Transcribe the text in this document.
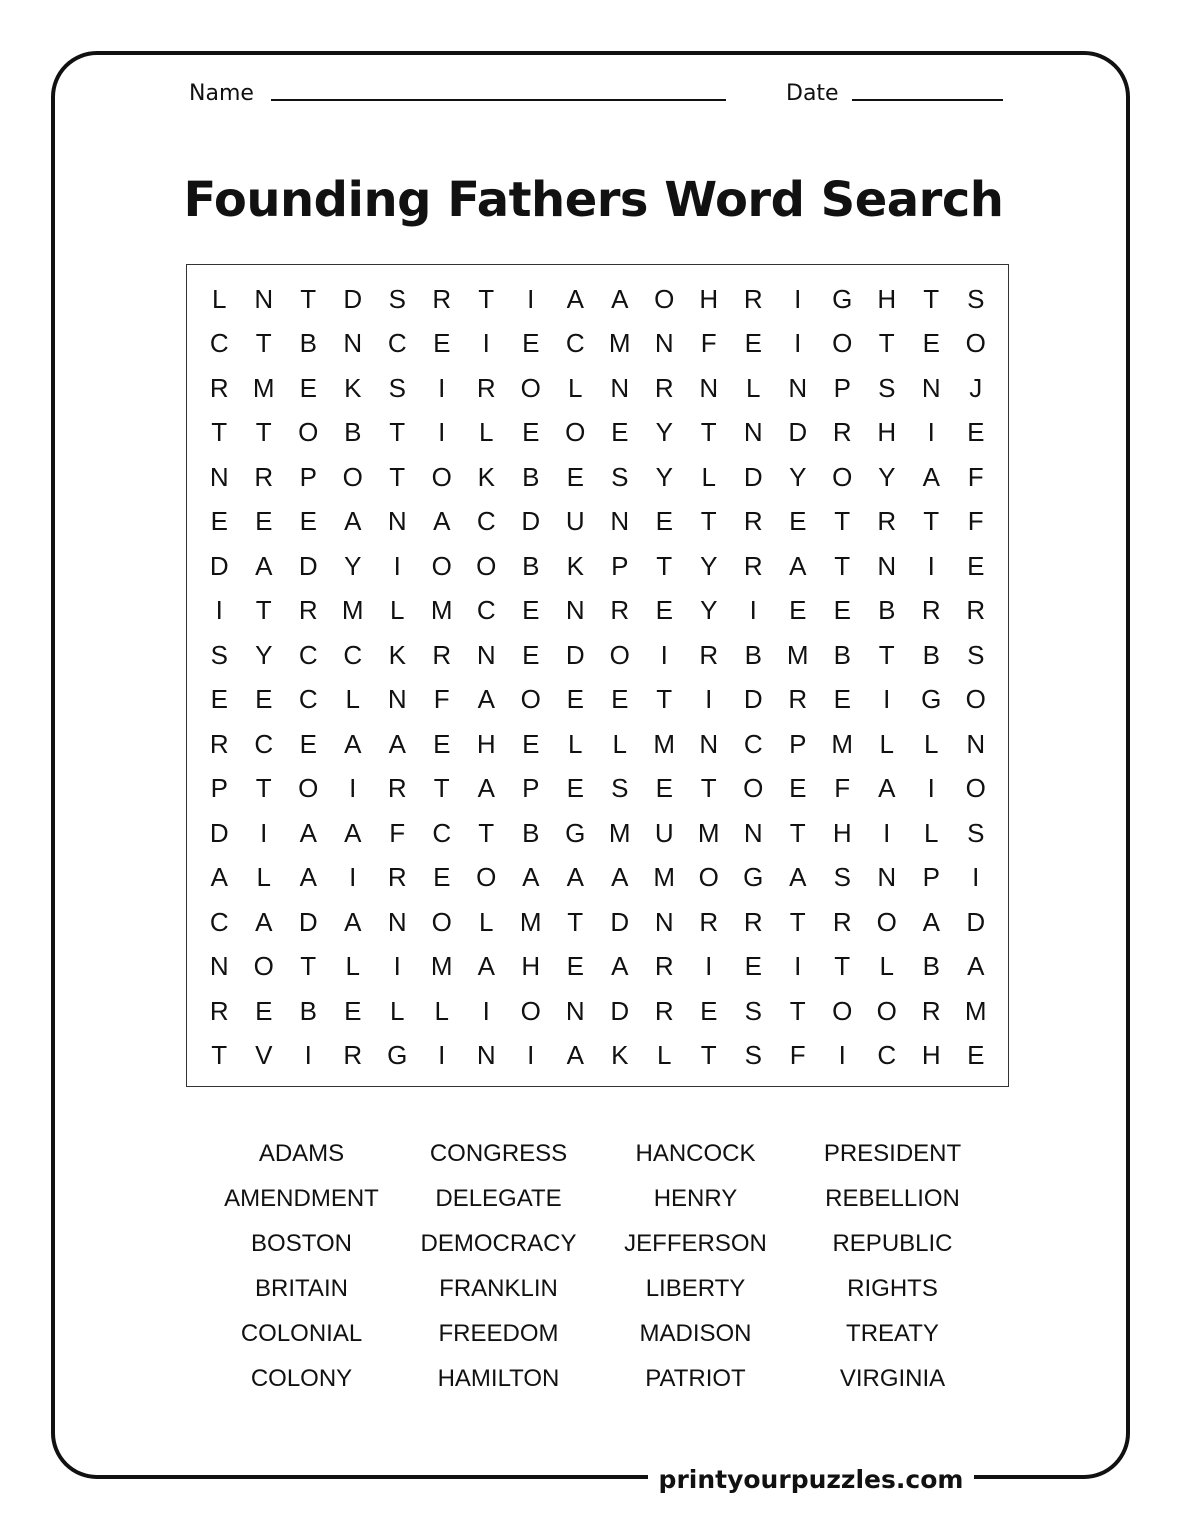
printyourpuzzles.com
Name	Date
Founding Fathers Word Search
L	N	T	D	S	R	T	I	A	A O H R	I	G H	T	S
C	T	B	N C	E	I	E	C M N	F	E	I	O	T	E O
R M E	K	S	I	R O	L	N R N	L	N	P	S	N	J
T	T	O B	T	I	L	E O E	Y	T	N D R H	I	E
N R	P O	T	O K	B	E	S	Y	L	D	Y O Y	A	F
E	E	E	A	N	A	C D U N	E	T	R	E	T	R	T	F
D	A	D	Y	I	O O B	K	P	T	Y	R	A	T	N	I	E
I	T	R M	L	M C	E	N R	E	Y	I	E	E	B	R R
S	Y	C C	K	R N	E	D O	I	R	B M B	T	B	S
E	E	C	L	N	F	A O E	E	T	I	D R	E	I	G O
R C	E	A	A	E	H	E	L	L	M N C	P M	L	L	N
P	T	O	I	R	T	A	P	E	S	E	T	O E	F	A	I	O
D	I	A	A	F	C	T	B G M U M N	T	H	I	L	S
A	L	A	I	R	E O A	A	A M O G A	S	N	P	I
C	A	D	A	N O	L	M T	D N R R	T	R O A	D
N O	T	L	I	M A	H	E	A	R	I	E	I	T	L	B	A
R	E	B	E	L	L	I	O N D R	E	S	T	O O R M
T	V	I	R G	I	N	I	A	K	L	T	S	F	I	C H	E
ADAMS	CONGRESS	HANCOCK	PRESIDENT
AMENDMENT	DELEGATE	HENRY	REBELLION
BOSTON	DEMOCRACY	JEFFERSON	REPUBLIC
BRITAIN	FRANKLIN	LIBERTY	RIGHTS
COLONIAL	FREEDOM	MADISON	TREATY
COLONY	HAMILTON	PATRIOT	VIRGINIA
